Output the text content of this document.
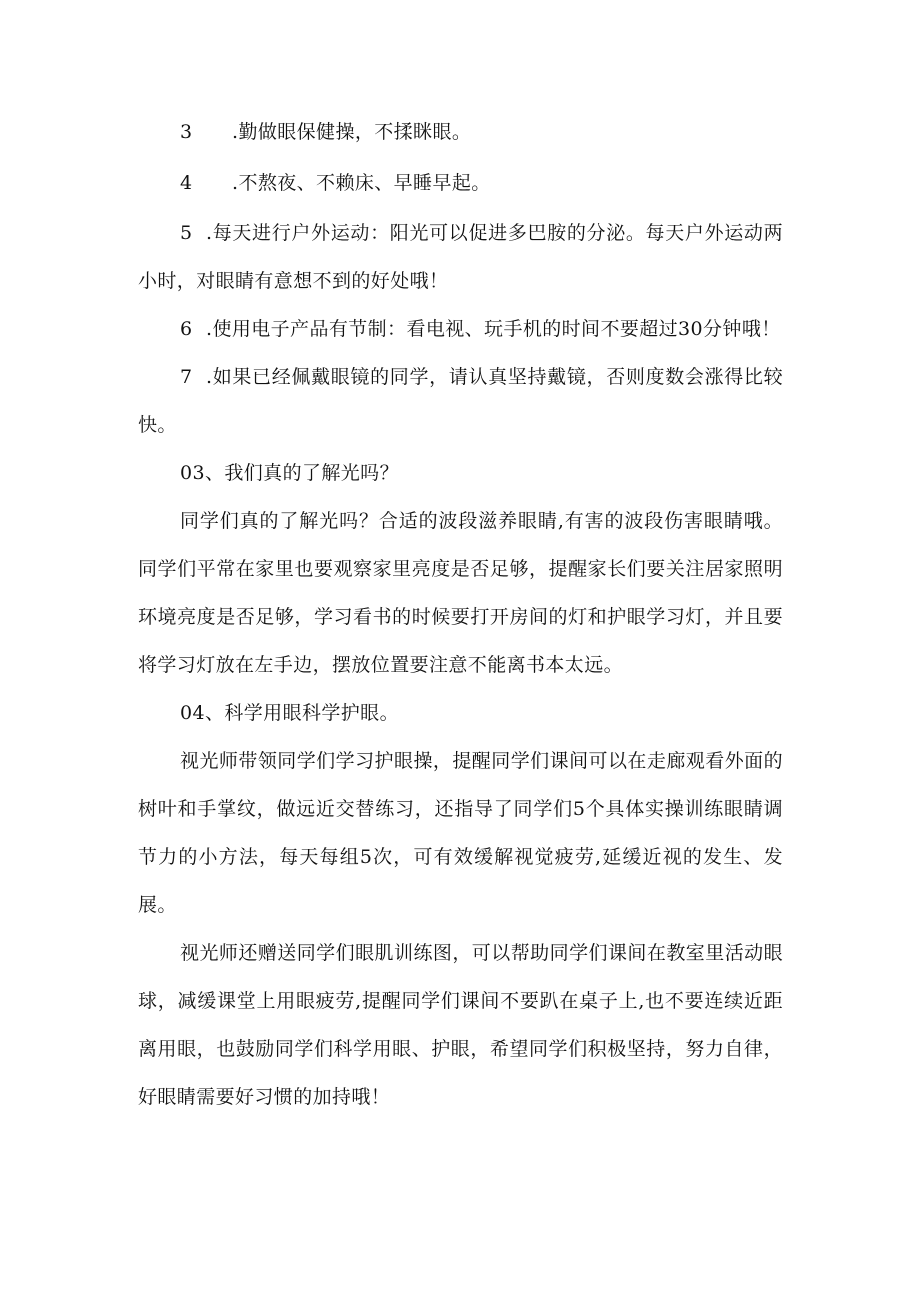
3 .勤做眼保健操，不揉眯眼。

4 .不熬夜、不赖床、早睡早起。

5 .每天进行户外运动：阳光可以促进多巴胺的分泌。每天户外运动两小时，对眼睛有意想不到的好处哦！

6 .使用电子产品有节制：看电视、玩手机的时间不要超过30分钟哦！

7 .如果已经佩戴眼镜的同学，请认真坚持戴镜，否则度数会涨得比较快。

03、我们真的了解光吗？

同学们真的了解光吗？合适的波段滋养眼睛,有害的波段伤害眼睛哦。同学们平常在家里也要观察家里亮度是否足够，提醒家长们要关注居家照明环境亮度是否足够，学习看书的时候要打开房间的灯和护眼学习灯，并且要将学习灯放在左手边，摆放位置要注意不能离书本太远。

04、科学用眼科学护眼。

视光师带领同学们学习护眼操，提醒同学们课间可以在走廊观看外面的树叶和手掌纹，做远近交替练习，还指导了同学们5个具体实操训练眼睛调节力的小方法，每天每组5次，可有效缓解视觉疲劳,延缓近视的发生、发展。

视光师还赠送同学们眼肌训练图，可以帮助同学们课间在教室里活动眼球，减缓课堂上用眼疲劳,提醒同学们课间不要趴在桌子上,也不要连续近距离用眼，也鼓励同学们科学用眼、护眼，希望同学们积极坚持，努力自律，好眼睛需要好习惯的加持哦！
